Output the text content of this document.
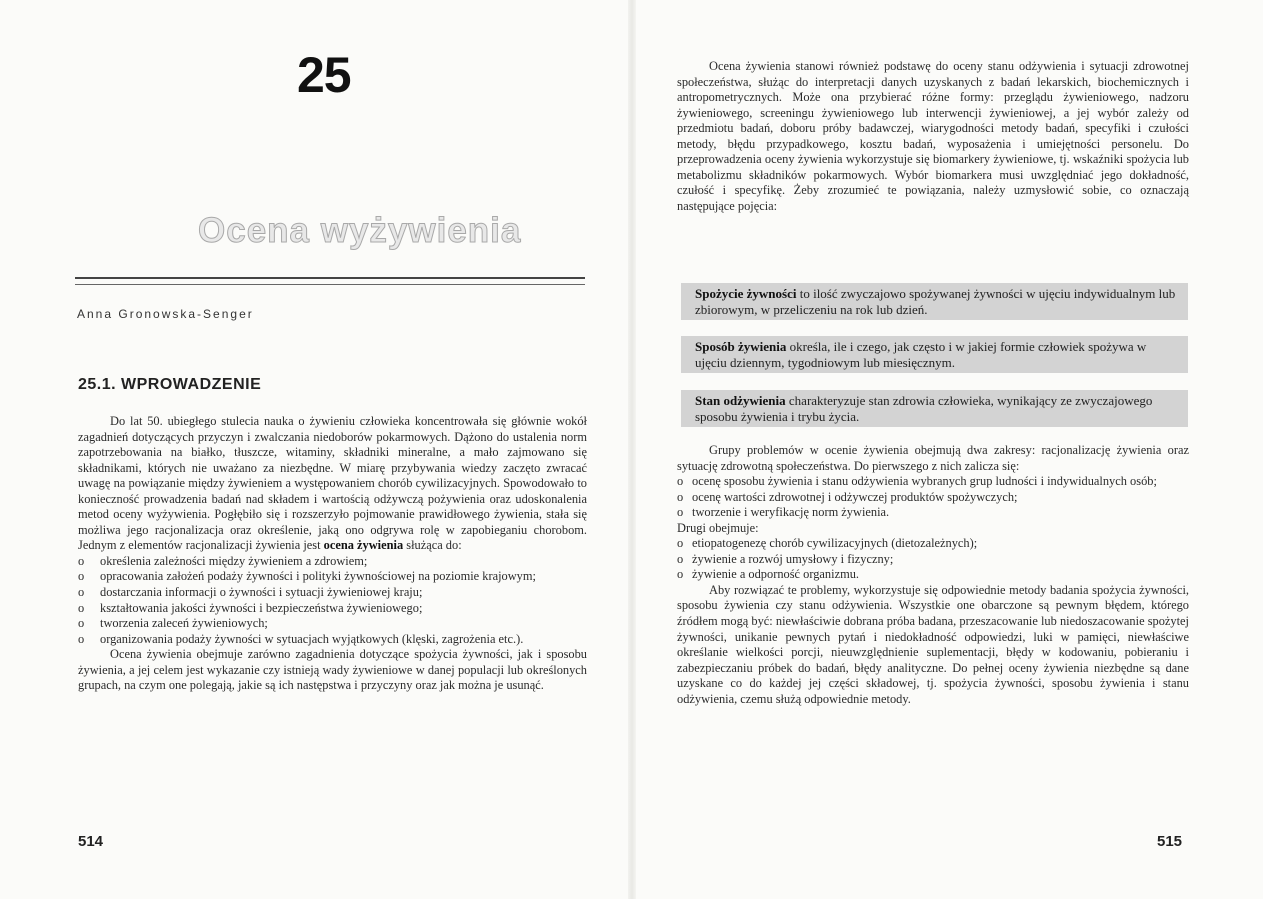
25
Ocena wyżywienia
Anna Gronowska-Senger
25.1. WPROWADZENIE

Do lat 50. ubiegłego stulecia nauka o żywieniu człowieka koncentrowała się głównie wokół zagadnień dotyczących przyczyn i zwalczania niedoborów pokarmowych. Dążono do ustalenia norm zapotrzebowania na białko, tłuszcze, witaminy, składniki mineralne, a mało zajmowano się składnikami, których nie uważano za niezbędne. W miarę przybywania wiedzy zaczęto zwracać uwagę na powiązanie między żywieniem a występowaniem chorób cywilizacyjnych. Spowodowało to konieczność prowadzenia badań nad składem i wartością odżywczą pożywienia oraz udoskonalenia metod oceny wyżywienia. Pogłębiło się i rozszerzyło pojmowanie prawidłowego żywienia, stała się możliwa jego racjonalizacja oraz określenie, jaką ono odgrywa rolę w zapobieganiu chorobom. Jednym z elementów racjonalizacji żywienia jest ocena żywienia służąca do:

o określenia zależności między żywieniem a zdrowiem;
o opracowania założeń podaży żywności i polityki żywnościowej na poziomie krajowym;
o dostarczania informacji o żywności i sytuacji żywieniowej kraju;
o kształtowania jakości żywności i bezpieczeństwa żywieniowego;
o tworzenia zaleceń żywieniowych;
o organizowania podaży żywności w sytuacjach wyjątkowych (klęski, zagrożenia etc.).

Ocena żywienia obejmuje zarówno zagadnienia dotyczące spożycia żywności, jak i sposobu żywienia, a jej celem jest wykazanie czy istnieją wady żywieniowe w danej populacji lub określonych grupach, na czym one polegają, jakie są ich następstwa i przyczyny oraz jak można je usunąć.

514

Ocena żywienia stanowi również podstawę do oceny stanu odżywienia i sytuacji zdrowotnej społeczeństwa, służąc do interpretacji danych uzyskanych z badań lekarskich, biochemicznych i antropometrycznych. Może ona przybierać różne formy: przeglądu żywieniowego, nadzoru żywieniowego, screeningu żywieniowego lub interwencji żywieniowej, a jej wybór zależy od przedmiotu badań, doboru próby badawczej, wiarygodności metody badań, specyfiki i czułości metody, błędu przypadkowego, kosztu badań, wyposażenia i umiejętności personelu. Do przeprowadzenia oceny żywienia wykorzystuje się biomarkery żywieniowe, tj. wskaźniki spożycia lub metabolizmu składników pokarmowych. Wybór biomarkera musi uwzględniać jego dokładność, czułość i specyfikę. Żeby zrozumieć te powiązania, należy uzmysłowić sobie, co oznaczają następujące pojęcia:

Spożycie żywności to ilość zwyczajowo spożywanej żywności w ujęciu indywidualnym lub zbiorowym, w przeliczeniu na rok lub dzień.
Sposób żywienia określa, ile i czego, jak często i w jakiej formie człowiek spożywa w ujęciu dziennym, tygodniowym lub miesięcznym.
Stan odżywienia charakteryzuje stan zdrowia człowieka, wynikający ze zwyczajowego sposobu żywienia i trybu życia.

Grupy problemów w ocenie żywienia obejmują dwa zakresy: racjonalizację żywienia oraz sytuację zdrowotną społeczeństwa. Do pierwszego z nich zalicza się:

o ocenę sposobu żywienia i stanu odżywienia wybranych grup ludności i indywidualnych osób;
o ocenę wartości zdrowotnej i odżywczej produktów spożywczych;
o tworzenie i weryfikację norm żywienia.

Drugi obejmuje:

o etiopatogenezę chorób cywilizacyjnych (dietozależnych);
o żywienie a rozwój umysłowy i fizyczny;
o żywienie a odporność organizmu.

Aby rozwiązać te problemy, wykorzystuje się odpowiednie metody badania spożycia żywności, sposobu żywienia czy stanu odżywienia. Wszystkie one obarczone są pewnym błędem, którego źródłem mogą być: niewłaściwie dobrana próba badana, przeszacowanie lub niedoszacowanie spożytej żywności, unikanie pewnych pytań i niedokładność odpowiedzi, luki w pamięci, niewłaściwe określanie wielkości porcji, nieuwzględnienie suplementacji, błędy w kodowaniu, pobieraniu i zabezpieczaniu próbek do badań, błędy analityczne. Do pełnej oceny żywienia niezbędne są dane uzyskane co do każdej jej części składowej, tj. spożycia żywności, sposobu żywienia i stanu odżywienia, czemu służą odpowiednie metody.

515
